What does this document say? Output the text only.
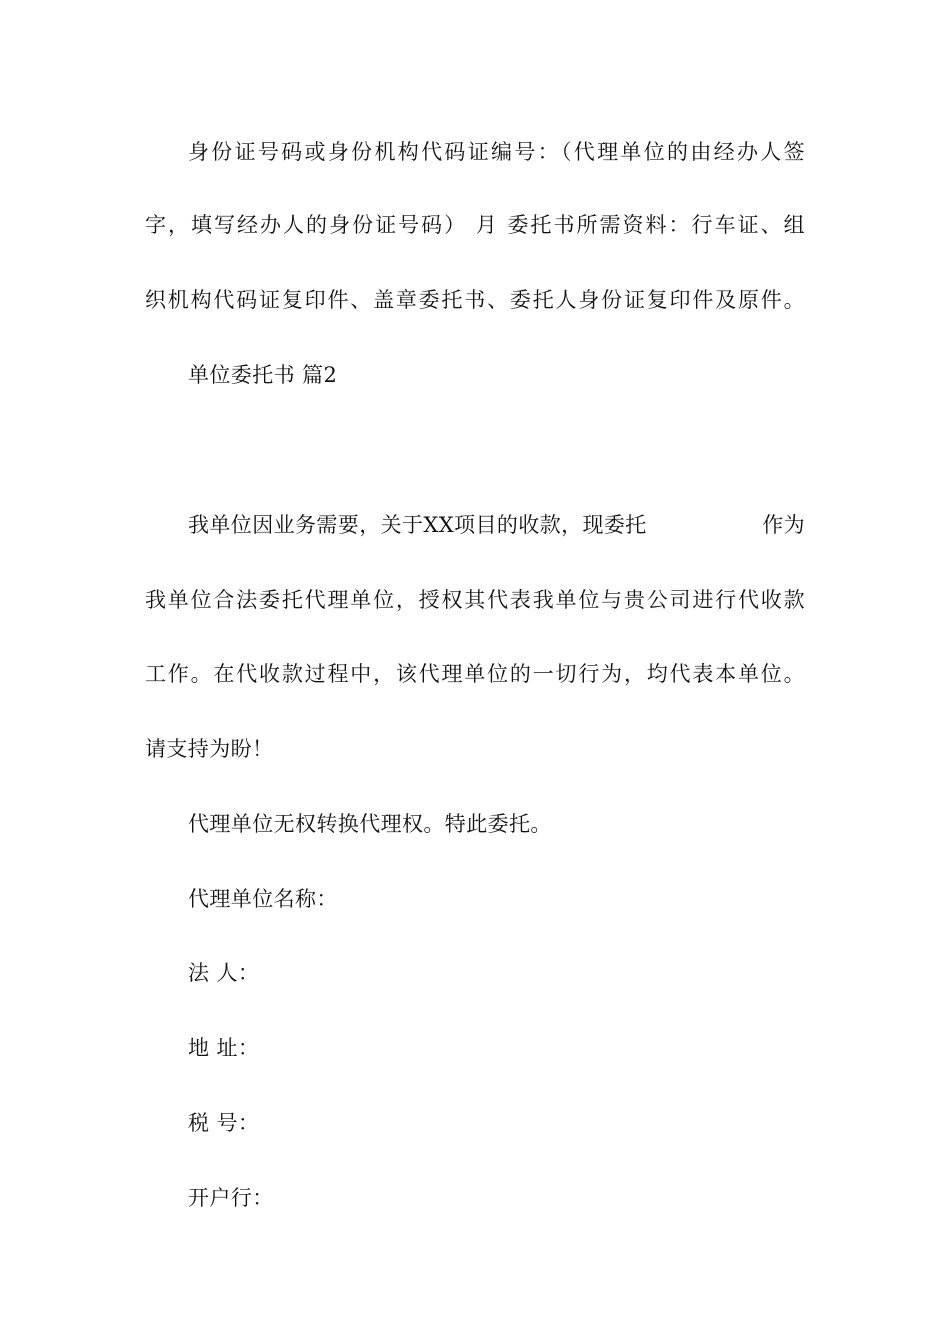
身份证号码或身份机构代码证编号：（代理单位的由经办人签
字，填写经办人的身份证号码） 月 委托书所需资料：行车证、组
织机构代码证复印件、盖章委托书、委托人身份证复印件及原件。
单位委托书 篇2
我单位因业务需要，关于XX项目的收款，现委托	作为
我单位合法委托代理单位，授权其代表我单位与贵公司进行代收款
工作。在代收款过程中，该代理单位的一切行为，均代表本单位。
请支持为盼！
代理单位无权转换代理权。特此委托。
代理单位名称：
法 人：
地 址：
税 号：
开户行：
